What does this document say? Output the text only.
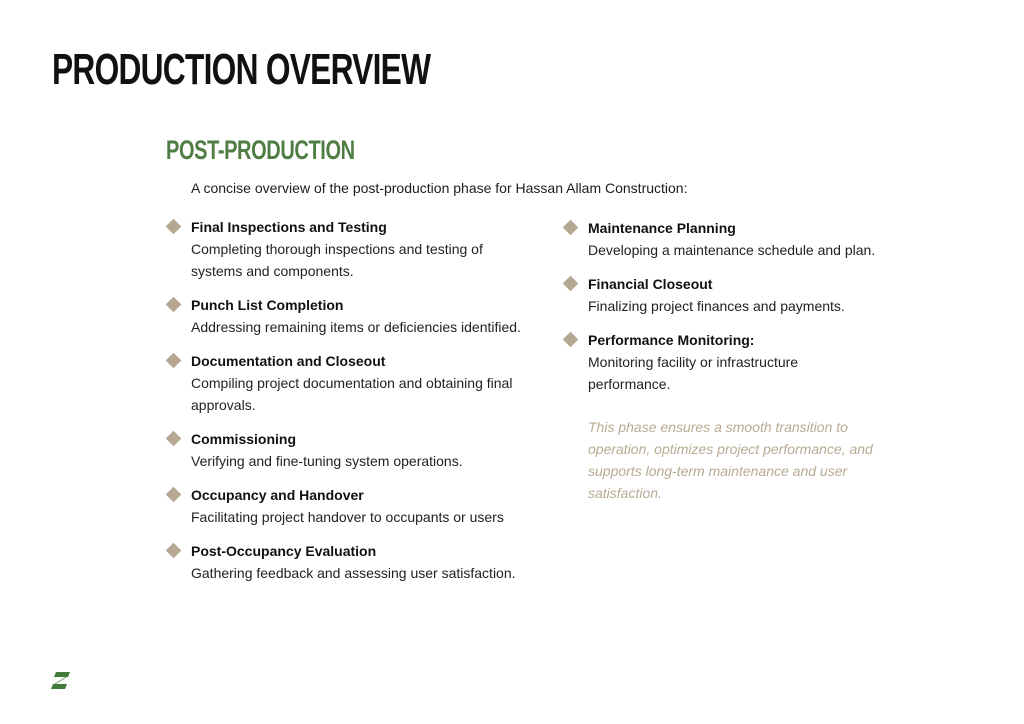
PRODUCTION OVERVIEW
POST-PRODUCTION
A concise overview of the post-production phase for Hassan Allam Construction:
Final Inspections and Testing
Completing thorough inspections and testing of systems and components.
Punch List Completion
Addressing remaining items or deficiencies identified.
Documentation and Closeout
Compiling project documentation and obtaining final approvals.
Commissioning
Verifying and fine-tuning system operations.
Occupancy and Handover
Facilitating project handover to occupants or users
Post-Occupancy Evaluation
Gathering feedback and assessing user satisfaction.
Maintenance Planning
Developing a maintenance schedule and plan.
Financial Closeout
Finalizing project finances and payments.
Performance Monitoring:
Monitoring facility or infrastructure performance.
This phase ensures a smooth transition to operation, optimizes project performance, and supports long-term maintenance and user satisfaction.
